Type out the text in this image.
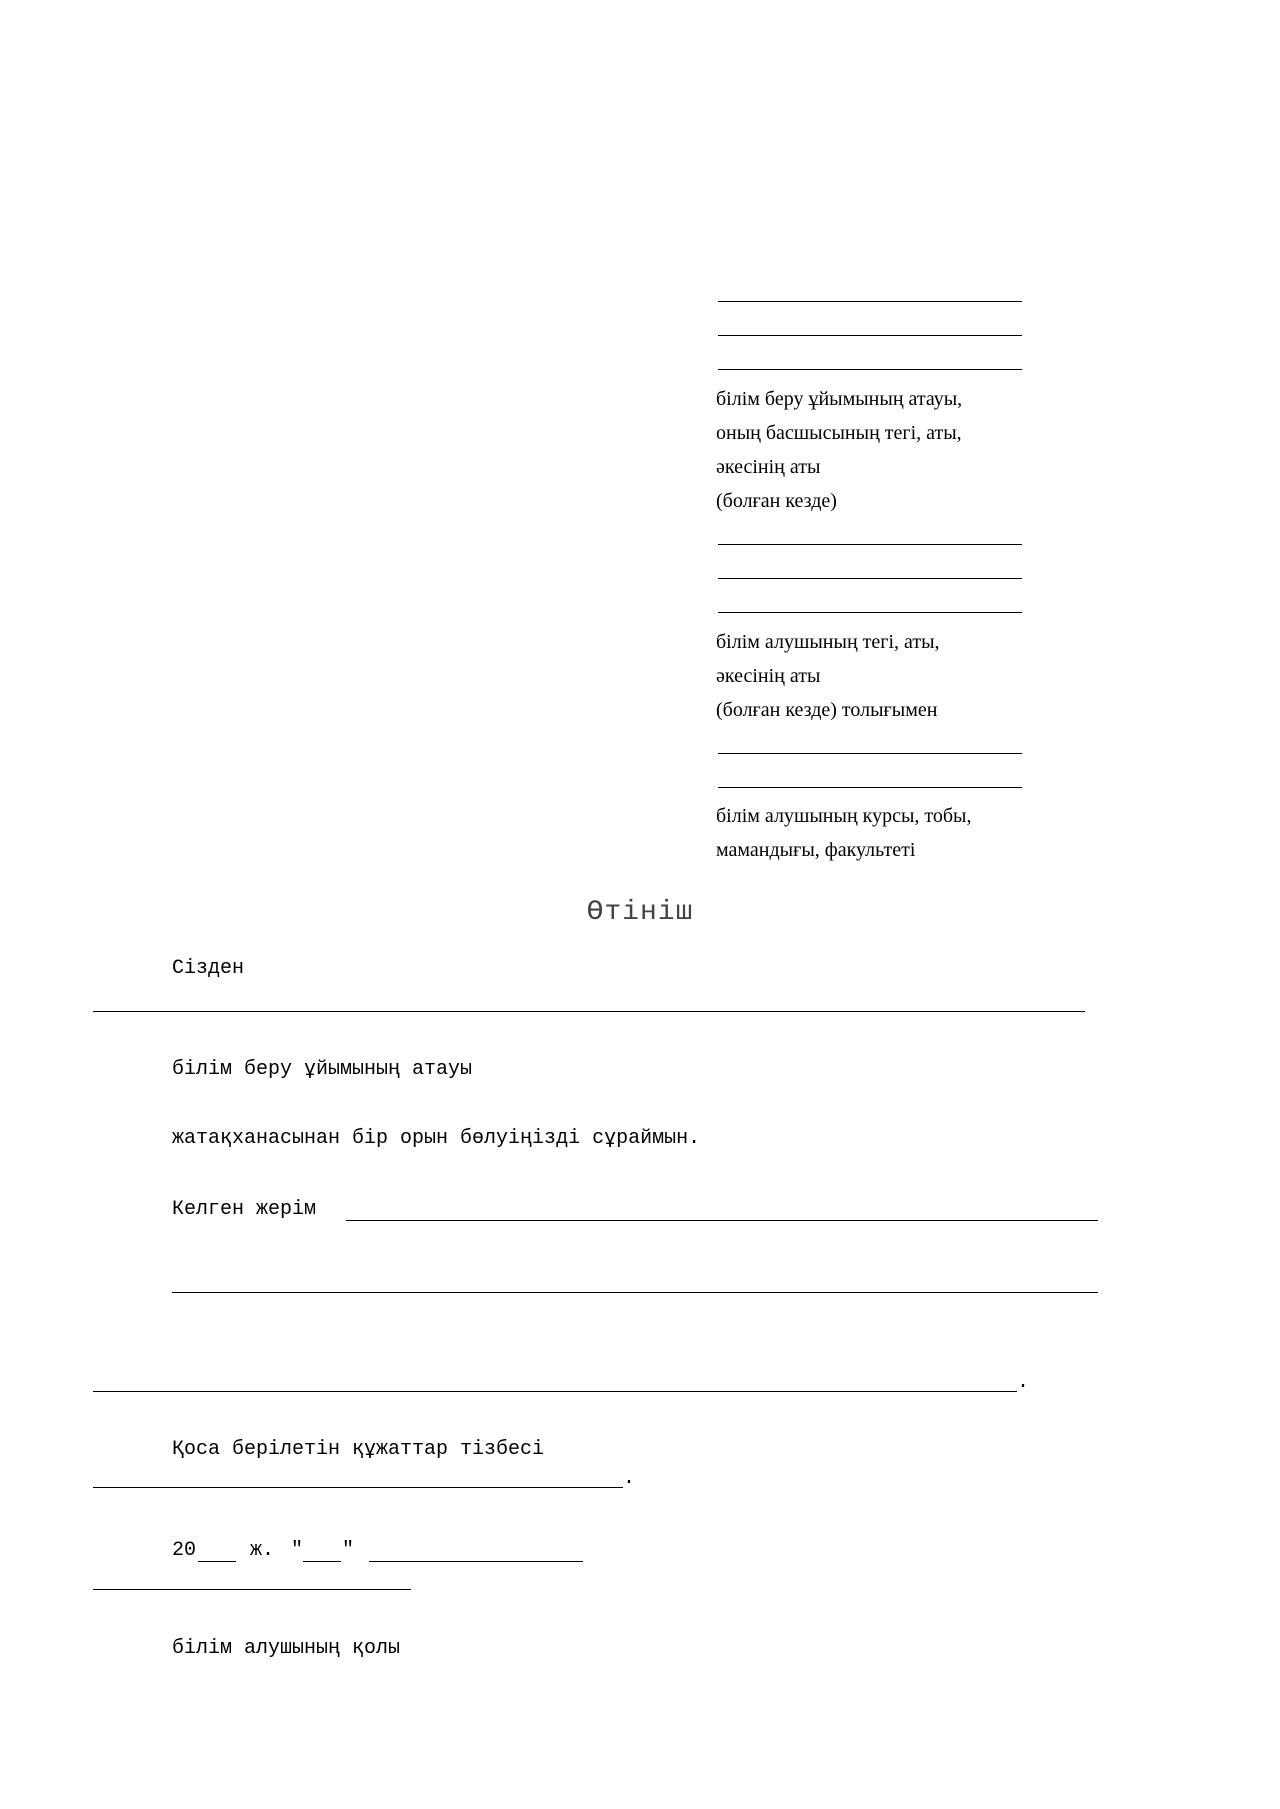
білім беру ұйымының атауы,
оның басшысының тегі, аты,
әкесінің аты
(болған кезде)
білім алушының тегі, аты,
әкесінің аты
(болған кезде) толығымен
білім алушының курсы, тобы,
мамандығы, факультеті
Өтініш
Сізден
білім беру ұйымының атауы
жатақханасынан бір орын бөлуіңізді сұраймын.
Келген жерім
.
Қоса берілетін құжаттар тізбесі
.
20	ж. " "
білім алушының қолы
